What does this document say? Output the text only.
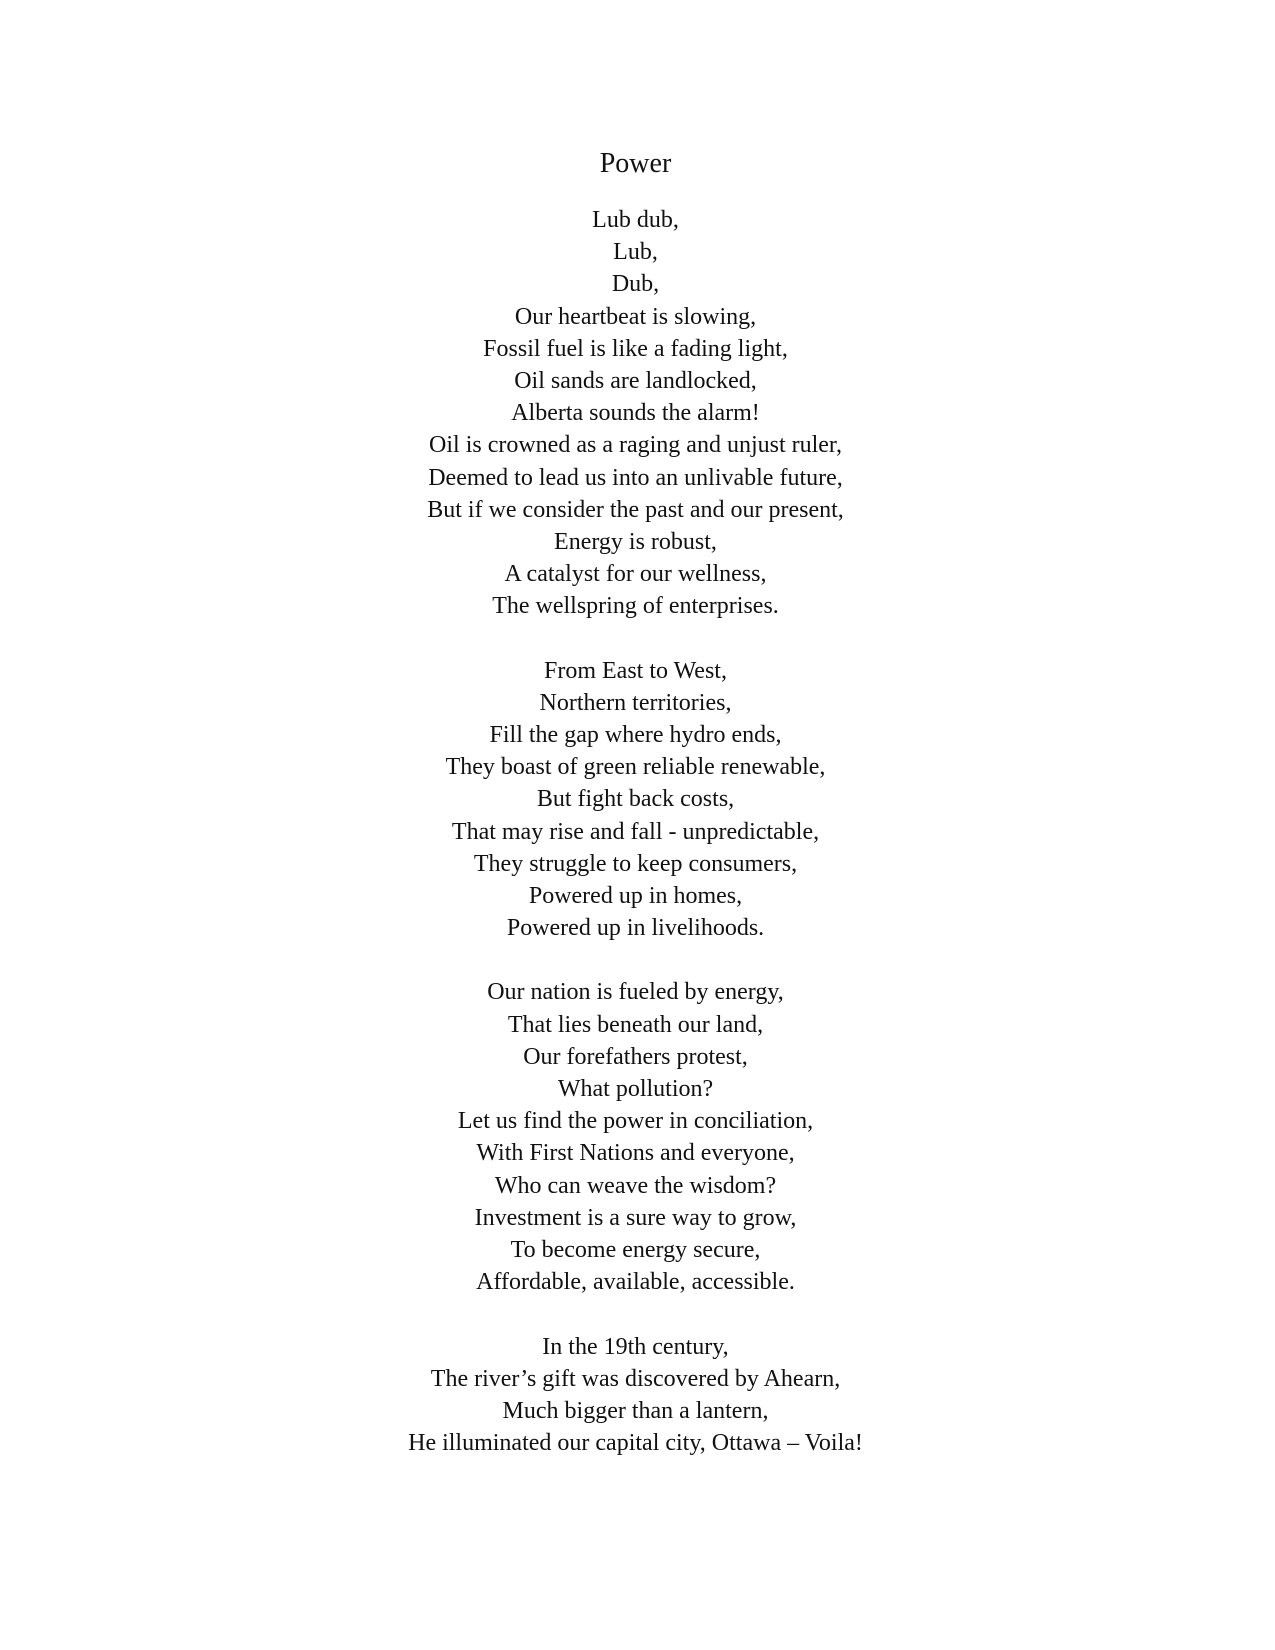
Power
Lub dub,
Lub,
Dub,
Our heartbeat is slowing,
Fossil fuel is like a fading light,
Oil sands are landlocked,
Alberta sounds the alarm!
Oil is crowned as a raging and unjust ruler,
Deemed to lead us into an unlivable future,
But if we consider the past and our present,
Energy is robust,
A catalyst for our wellness,
The wellspring of enterprises.
From East to West,
Northern territories,
Fill the gap where hydro ends,
They boast of green reliable renewable,
But fight back costs,
That may rise and fall - unpredictable,
They struggle to keep consumers,
Powered up in homes,
Powered up in livelihoods.
Our nation is fueled by energy,
That lies beneath our land,
Our forefathers protest,
What pollution?
Let us find the power in conciliation,
With First Nations and everyone,
Who can weave the wisdom?
Investment is a sure way to grow,
To become energy secure,
Affordable, available, accessible.
In the 19th century,
The river’s gift was discovered by Ahearn,
Much bigger than a lantern,
He illuminated our capital city, Ottawa – Voila!
